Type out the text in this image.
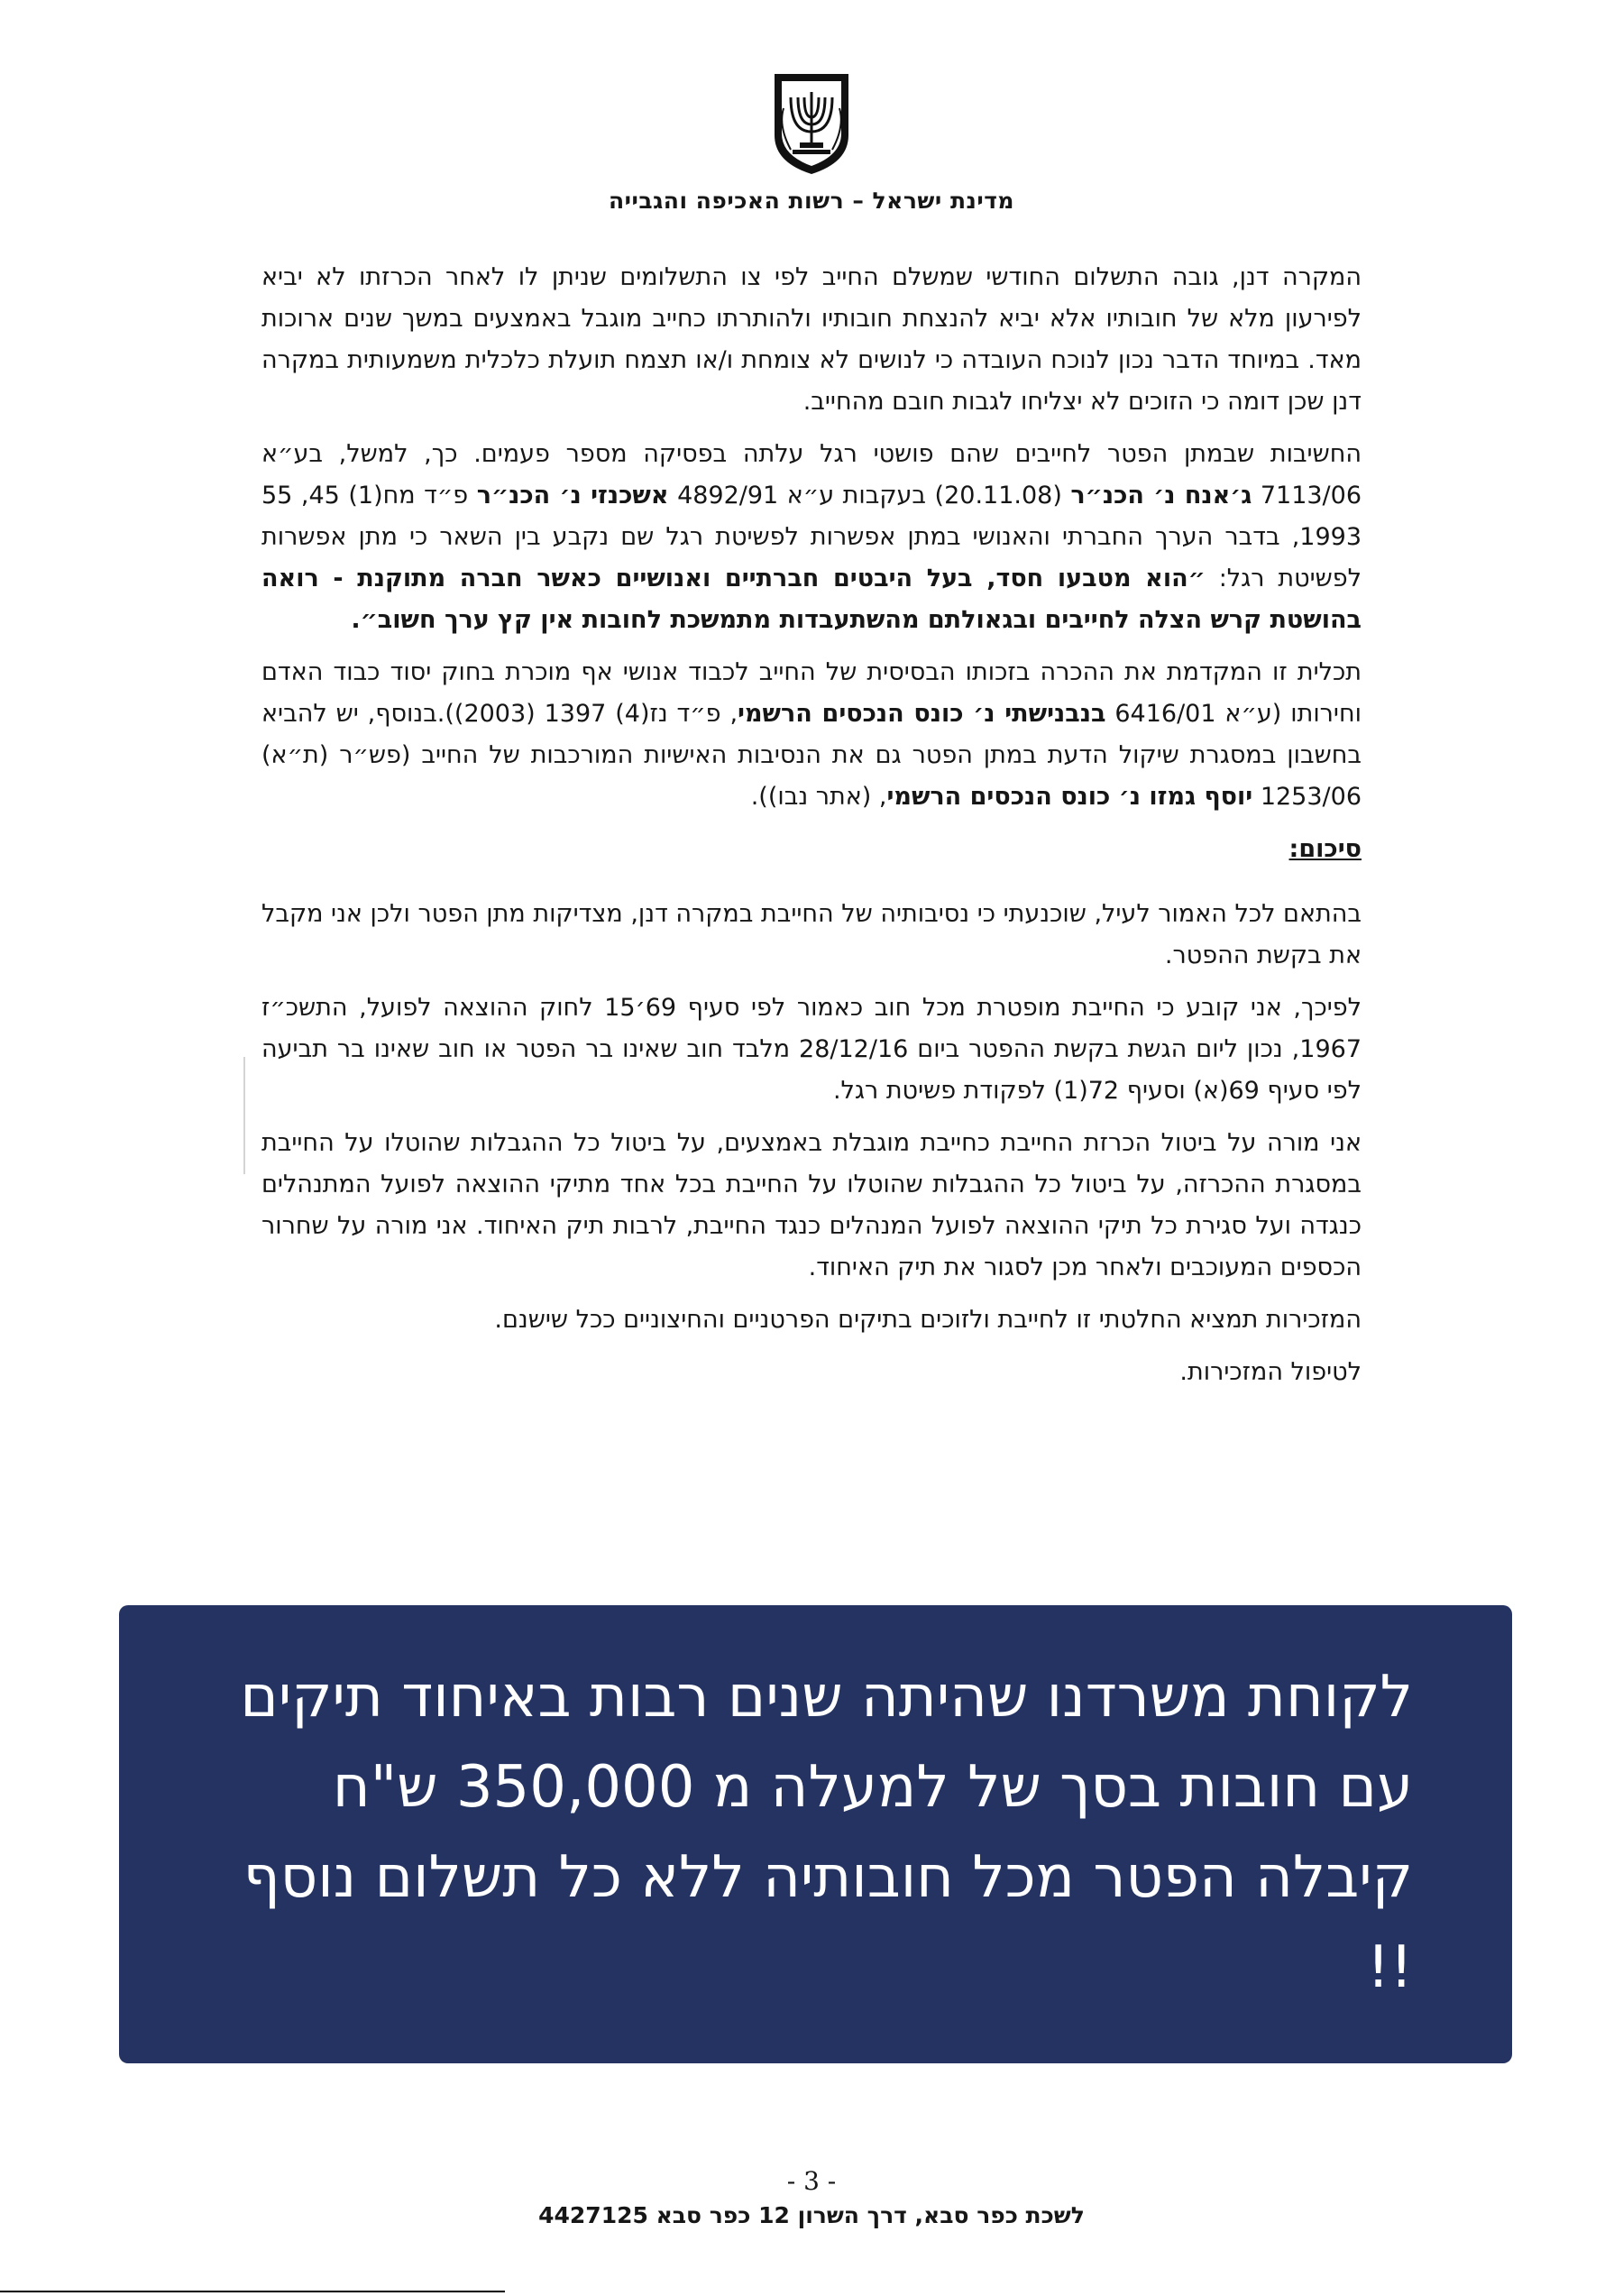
מדינת ישראל – רשות האכיפה והגבייה

המקרה דנן, גובה התשלום החודשי שמשלם החייב לפי צו התשלומים שניתן לו לאחר הכרזתו לא יביא לפירעון מלא של חובותיו אלא יביא להנצחת חובותיו ולהותרתו כחייב מוגבל באמצעים במשך שנים ארוכות מאד. במיוחד הדבר נכון לנוכח העובדה כי לנושים לא צומחת ו/או תצמח תועלת כלכלית משמעותית במקרה דנן שכן דומה כי הזוכים לא יצליחו לגבות חובם מהחייב.

החשיבות שבמתן הפטר לחייבים שהם פושטי רגל עלתה בפסיקה מספר פעמים. כך, למשל, בע״א 7113/06 ג׳אנח נ׳ הכנ״ר (20.11.08) בעקבות ע״א 4892/91 אשכנזי נ׳ הכנ״ר פ״ד מח(1) 45, 55 1993, בדבר הערך החברתי והאנושי במתן אפשרות לפשיטת רגל שם נקבע בין השאר כי מתן אפשרות לפשיטת רגל: ״הוא מטבעו חסד, בעל היבטים חברתיים ואנושיים כאשר חברה מתוקנת - רואה בהושטת קרש הצלה לחייבים ובגאולתם מהשתעבדות מתמשכת לחובות אין קץ ערך חשוב״.

תכלית זו המקדמת את ההכרה בזכותו הבסיסית של החייב לכבוד אנושי אף מוכרת בחוק יסוד כבוד האדם וחירותו (ע״א 6416/01 בנבנישתי נ׳ כונס הנכסים הרשמי, פ״ד נז(4) 1397 (2003)).בנוסף, יש להביא בחשבון במסגרת שיקול הדעת במתן הפטר גם את הנסיבות האישיות המורכבות של החייב (פש״ר (ת״א) 1253/06 יוסף גמזו נ׳ כונס הנכסים הרשמי, (אתר נבו)).

סיכום:

בהתאם לכל האמור לעיל, שוכנעתי כי נסיבותיה של החייבת במקרה דנן, מצדיקות מתן הפטר ולכן אני מקבל את בקשת ההפטר.

לפיכך, אני קובע כי החייבת מופטרת מכל חוב כאמור לפי סעיף 69׳15 לחוק ההוצאה לפועל, התשכ״ז 1967, נכון ליום הגשת בקשת ההפטר ביום 28/12/16 מלבד חוב שאינו בר הפטר או חוב שאינו בר תביעה לפי סעיף 69(א) וסעיף 72(1) לפקודת פשיטת רגל.

אני מורה על ביטול הכרזת החייבת כחייבת מוגבלת באמצעים, על ביטול כל ההגבלות שהוטלו על החייבת במסגרת ההכרזה, על ביטול כל ההגבלות שהוטלו על החייבת בכל אחד מתיקי ההוצאה לפועל המתנהלים כנגדה ועל סגירת כל תיקי ההוצאה לפועל המנהלים כנגד החייבת, לרבות תיק האיחוד. אני מורה על שחרור הכספים המעוכבים ולאחר מכן לסגור את תיק האיחוד.

המזכירות תמציא החלטתי זו לחייבת ולזוכים בתיקים הפרטניים והחיצוניים ככל שישנם.

לטיפול המזכירות.

לקוחת משרדנו שהיתה שנים רבות באיחוד תיקים עם חובות בסך של למעלה מ 350,000 ש"ח קיבלה הפטר מכל חובותיה ללא כל תשלום נוסף !!
- 3 -
לשכת כפר סבא, דרך השרון 12 כפר סבא 4427125
